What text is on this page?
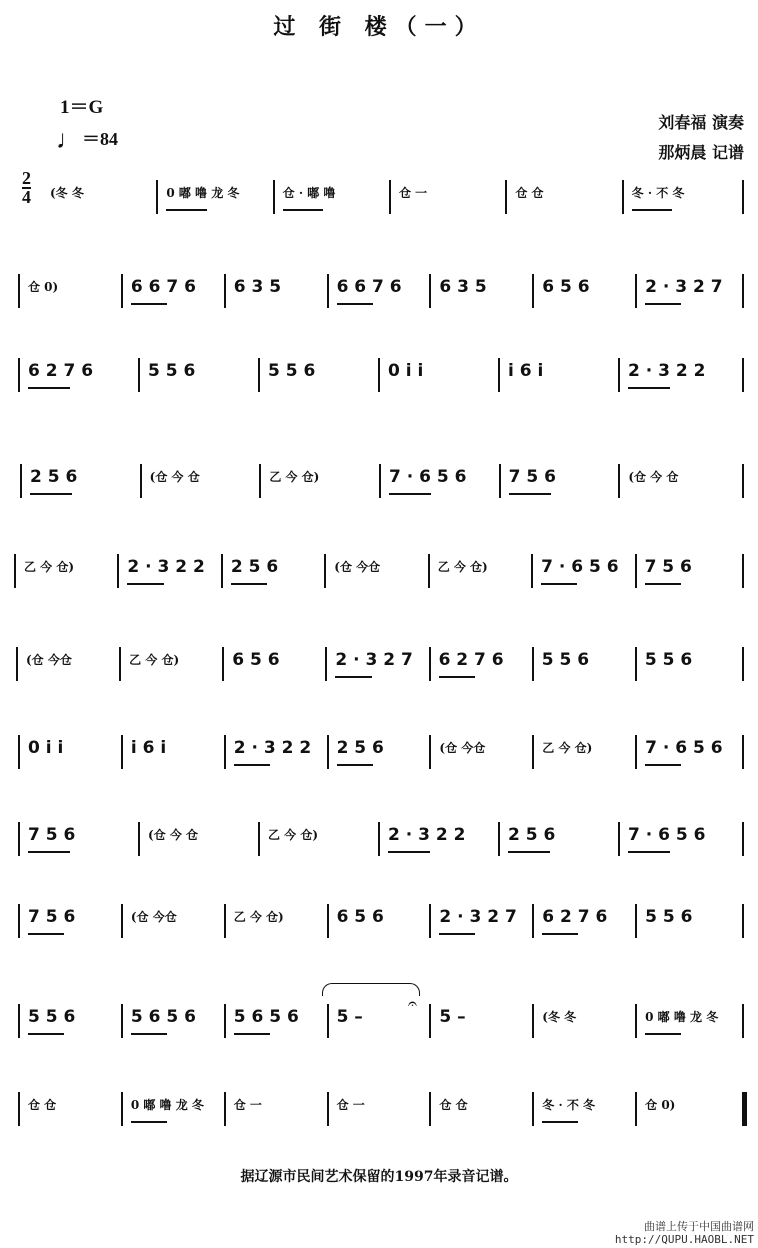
过 街 楼（一）
1＝G
♩ ＝84
刘春福 演奏
那炳晨 记谱
2
4 (冬 冬	0 嘟 噜 龙 冬	仓 · 嘟 噜	仓 一	仓 仓	冬 · 不 冬
仓 0)	6 6 7 6	6 3 5	6 6 7 6	6 3 5	6 5 6	2 · 3 2 7
6 2 7 6	5 5 6	5 5 6	0 i i	i 6 i	2 · 3 2 2
2 5 6	(仓 今 仓	乙 今 仓)	7 · 6 5 6	7 5 6	(仓 今 仓
乙 今 仓)	2 · 3 2 2	2 5 6	(仓 今仓	乙 今 仓)	7 · 6 5 6	7 5 6
(仓 今仓	乙 今 仓)	6 5 6	2 · 3 2 7	6 2 7 6	5 5 6	5 5 6
0 i i	i 6 i	2 · 3 2 2	2 5 6	(仓 今仓	乙 今 仓)	7 · 6 5 6
7 5 6	(仓 今 仓	乙 今 仓)	2 · 3 2 2	2 5 6	7 · 6 5 6
7 5 6	(仓 今仓	乙 今 仓)	6 5 6	2 · 3 2 7	6 2 7 6	5 5 6
5 5 6	5 6 5 6	5 6 5 6	5 –	5 –	(冬 冬	0 嘟 噜 龙 冬
仓 仓	0 嘟 噜 龙 冬	仓 一	仓 一	仓 仓	冬 · 不 冬	仓 0)
𝄐
据辽源市民间艺术保留的1997年录音记谱。
曲谱上传于中国曲谱网
http://QUPU.HAOBL.NET
